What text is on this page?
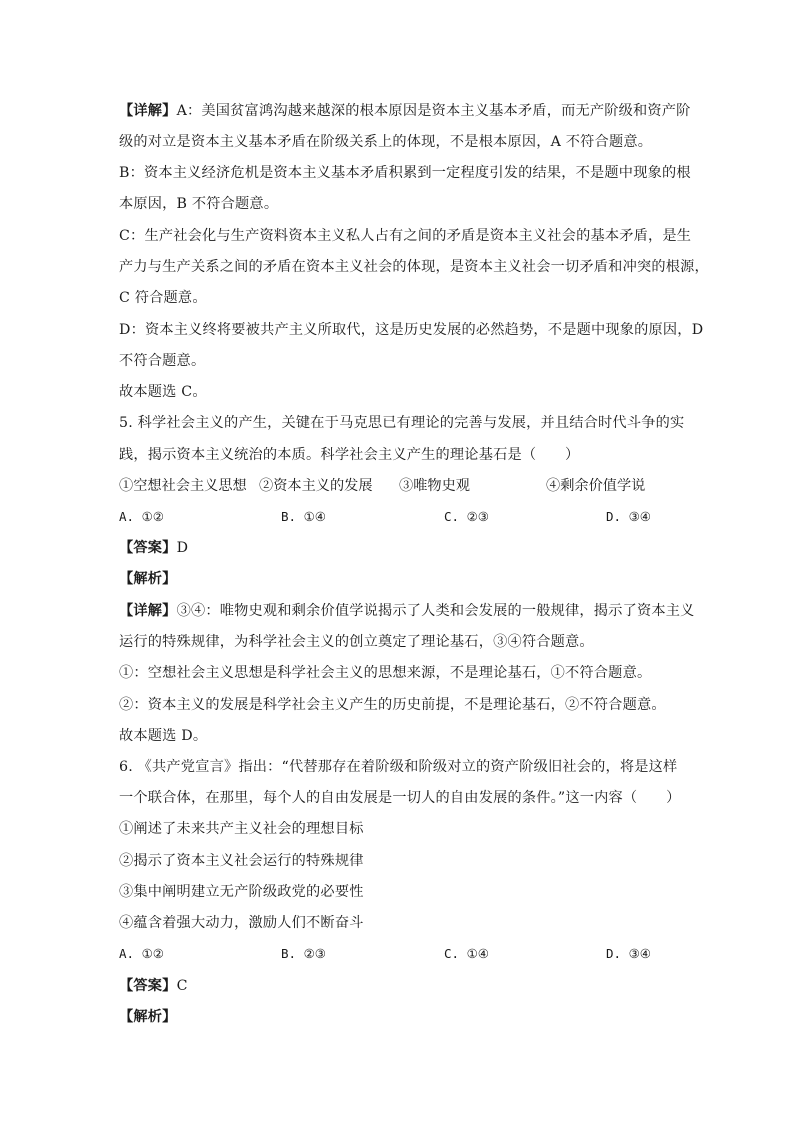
【详解】A：美国贫富鸿沟越来越深的根本原因是资本主义基本矛盾，而无产阶级和资产阶
级的对立是资本主义基本矛盾在阶级关系上的体现，不是根本原因，A 不符合题意。
B：资本主义经济危机是资本主义基本矛盾积累到一定程度引发的结果，不是题中现象的根
本原因，B 不符合题意。
C：生产社会化与生产资料资本主义私人占有之间的矛盾是资本主义社会的基本矛盾，是生
产力与生产关系之间的矛盾在资本主义社会的体现，是资本主义社会一切矛盾和冲突的根源，
C 符合题意。
D：资本主义终将要被共产主义所取代，这是历史发展的必然趋势，不是题中现象的原因，D
不符合题意。
故本题选 C。
5. 科学社会主义的产生，关键在于马克思已有理论的完善与发展，并且结合时代斗争的实
践，揭示资本主义统治的本质。科学社会主义产生的理论基石是（　　）
①空想社会主义思想 ②资本主义的发展 ③唯物史观	④剩余价值学说
A. ①②	B. ①④	C. ②③	D. ③④
【答案】D
【解析】
【详解】③④：唯物史观和剩余价值学说揭示了人类和会发展的一般规律，揭示了资本主义
运行的特殊规律，为科学社会主义的创立奠定了理论基石，③④符合题意。
①：空想社会主义思想是科学社会主义的思想来源，不是理论基石，①不符合题意。
②：资本主义的发展是科学社会主义产生的历史前提，不是理论基石，②不符合题意。
故本题选 D。
6. 《共产党宣言》指出：“代替那存在着阶级和阶级对立的资产阶级旧社会的，将是这样
一个联合体，在那里，每个人的自由发展是一切人的自由发展的条件。”这一内容（　　）
①阐述了未来共产主义社会的理想目标
②揭示了资本主义社会运行的特殊规律
③集中阐明建立无产阶级政党的必要性
④蕴含着强大动力，激励人们不断奋斗
A. ①②	B. ②③	C. ①④	D. ③④
【答案】C
【解析】
